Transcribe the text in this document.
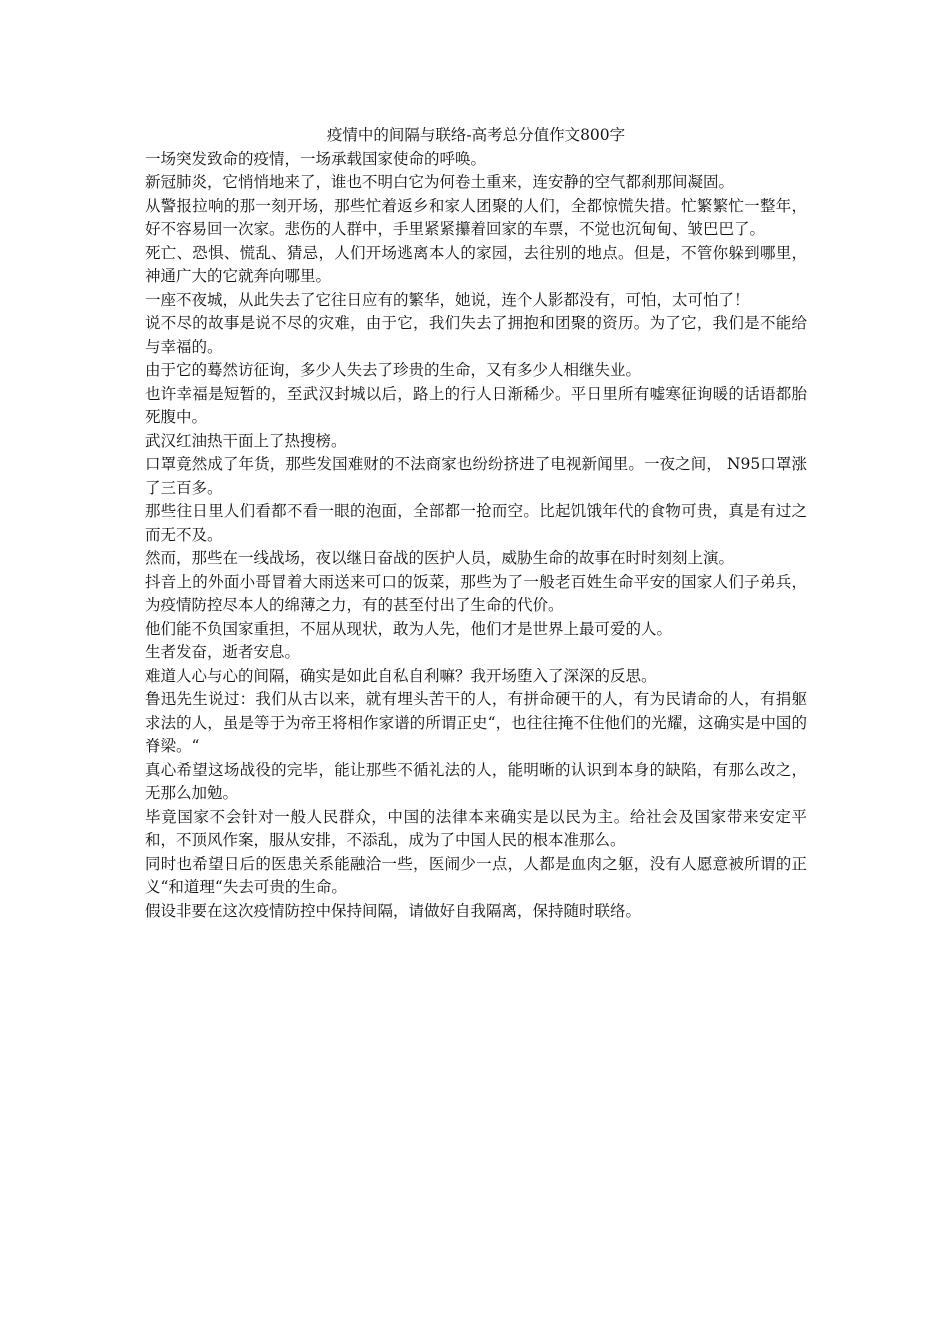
疫情中的间隔与联络-高考总分值作文800字

一场突发致命的疫情，一场承载国家使命的呼唤。

新冠肺炎，它悄悄地来了，谁也不明白它为何卷土重来，连安静的空气都刹那间凝固。

从警报拉响的那一刻开场，那些忙着返乡和家人团聚的人们，全都惊慌失措。忙繁繁忙一整年，好不容易回一次家。悲伤的人群中，手里紧紧攥着回家的车票，不觉也沉甸甸、皱巴巴了。

死亡、恐惧、慌乱、猜忌，人们开场逃离本人的家园，去往别的地点。但是，不管你躲到哪里，神通广大的它就奔向哪里。

一座不夜城，从此失去了它往日应有的繁华，她说，连个人影都没有，可怕，太可怕了！

说不尽的故事是说不尽的灾难，由于它，我们失去了拥抱和团聚的资历。为了它，我们是不能给与幸福的。

由于它的蓦然访征询，多少人失去了珍贵的生命，又有多少人相继失业。

也许幸福是短暂的，至武汉封城以后，路上的行人日渐稀少。平日里所有嘘寒征询暖的话语都胎死腹中。

武汉红油热干面上了热搜榜。

口罩竟然成了年货，那些发国难财的不法商家也纷纷挤进了电视新闻里。一夜之间， N95口罩涨了三百多。

那些往日里人们看都不看一眼的泡面，全部都一抢而空。比起饥饿年代的食物可贵，真是有过之而无不及。

然而，那些在一线战场，夜以继日奋战的医护人员，威胁生命的故事在时时刻刻上演。

抖音上的外面小哥冒着大雨送来可口的饭菜，那些为了一般老百姓生命平安的国家人们子弟兵，为疫情防控尽本人的绵薄之力，有的甚至付出了生命的代价。

他们能不负国家重担，不屈从现状，敢为人先，他们才是世界上最可爱的人。

生者发奋，逝者安息。

难道人心与心的间隔，确实是如此自私自利嘛？我开场堕入了深深的反思。

鲁迅先生说过：我们从古以来，就有埋头苦干的人，有拼命硬干的人，有为民请命的人，有捐躯求法的人，虽是等于为帝王将相作家谱的所谓正史“，也往往掩不住他们的光耀，这确实是中国的脊梁。“

真心希望这场战役的完毕，能让那些不循礼法的人，能明晰的认识到本身的缺陷，有那么改之，无那么加勉。

毕竟国家不会针对一般人民群众，中国的法律本来确实是以民为主。给社会及国家带来安定平和，不顶风作案，服从安排，不添乱，成为了中国人民的根本准那么。

同时也希望日后的医患关系能融洽一些，医闹少一点，人都是血肉之躯，没有人愿意被所谓的正义“和道理“失去可贵的生命。

假设非要在这次疫情防控中保持间隔，请做好自我隔离，保持随时联络。
